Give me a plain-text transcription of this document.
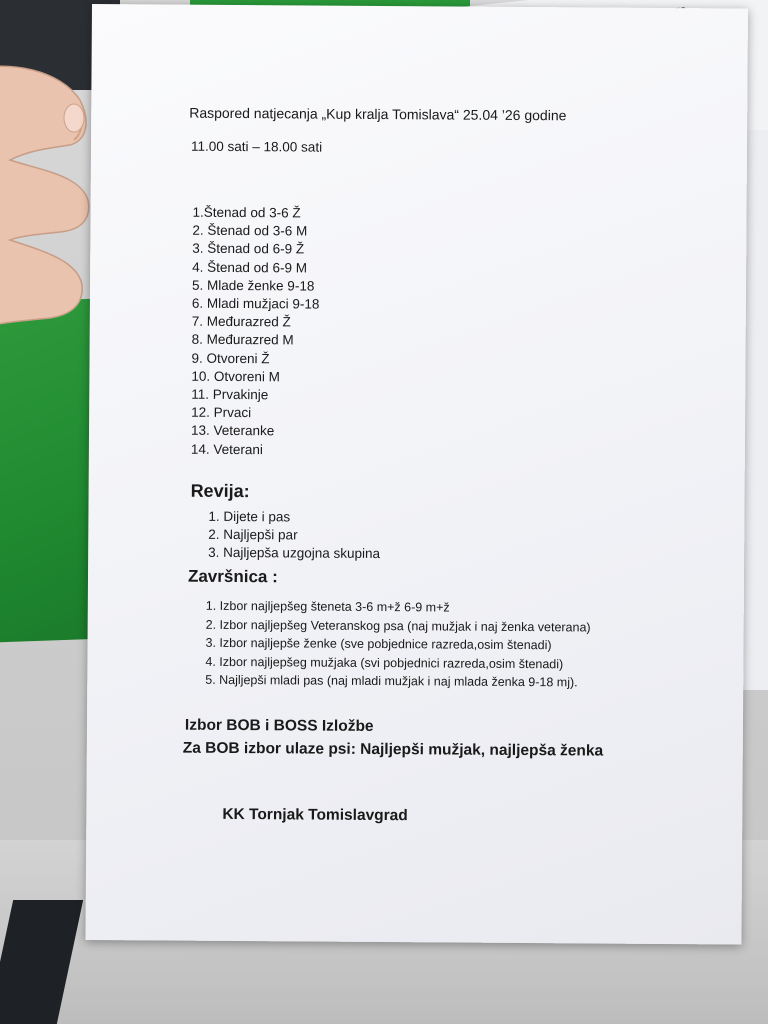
Raspored natjecanja „Kup kralja Tomislava“ 25.04 ’26 godine
11.00 sati – 18.00 sati
1.Štenad od 3-6 Ž
2. Štenad od 3-6 M
3. Štenad od 6-9 Ž
4. Štenad od 6-9 M
5. Mlade ženke 9-18
6. Mladi mužjaci 9-18
7. Međurazred Ž
8. Međurazred M
9. Otvoreni Ž
10. Otvoreni M
11. Prvakinje
12. Prvaci
13. Veteranke
14. Veterani
Revija:
1. Dijete i pas
2. Najljepši par
3. Najljepša uzgojna skupina
Završnica :
1. Izbor najljepšeg šteneta 3-6 m+ž 6-9 m+ž
2. Izbor najljepšeg Veteranskog psa (naj mužjak i naj ženka veterana)
3. Izbor najljepše ženke (sve pobjednice razreda,osim štenadi)
4. Izbor najljepšeg mužjaka (svi pobjednici razreda,osim štenadi)
5. Najljepši mladi pas (naj mladi mužjak i naj mlada ženka 9-18 mj).
Izbor BOB i BOSS Izložbe
Za BOB izbor ulaze psi: Najljepši mužjak, najljepša ženka
KK Tornjak Tomislavgrad
